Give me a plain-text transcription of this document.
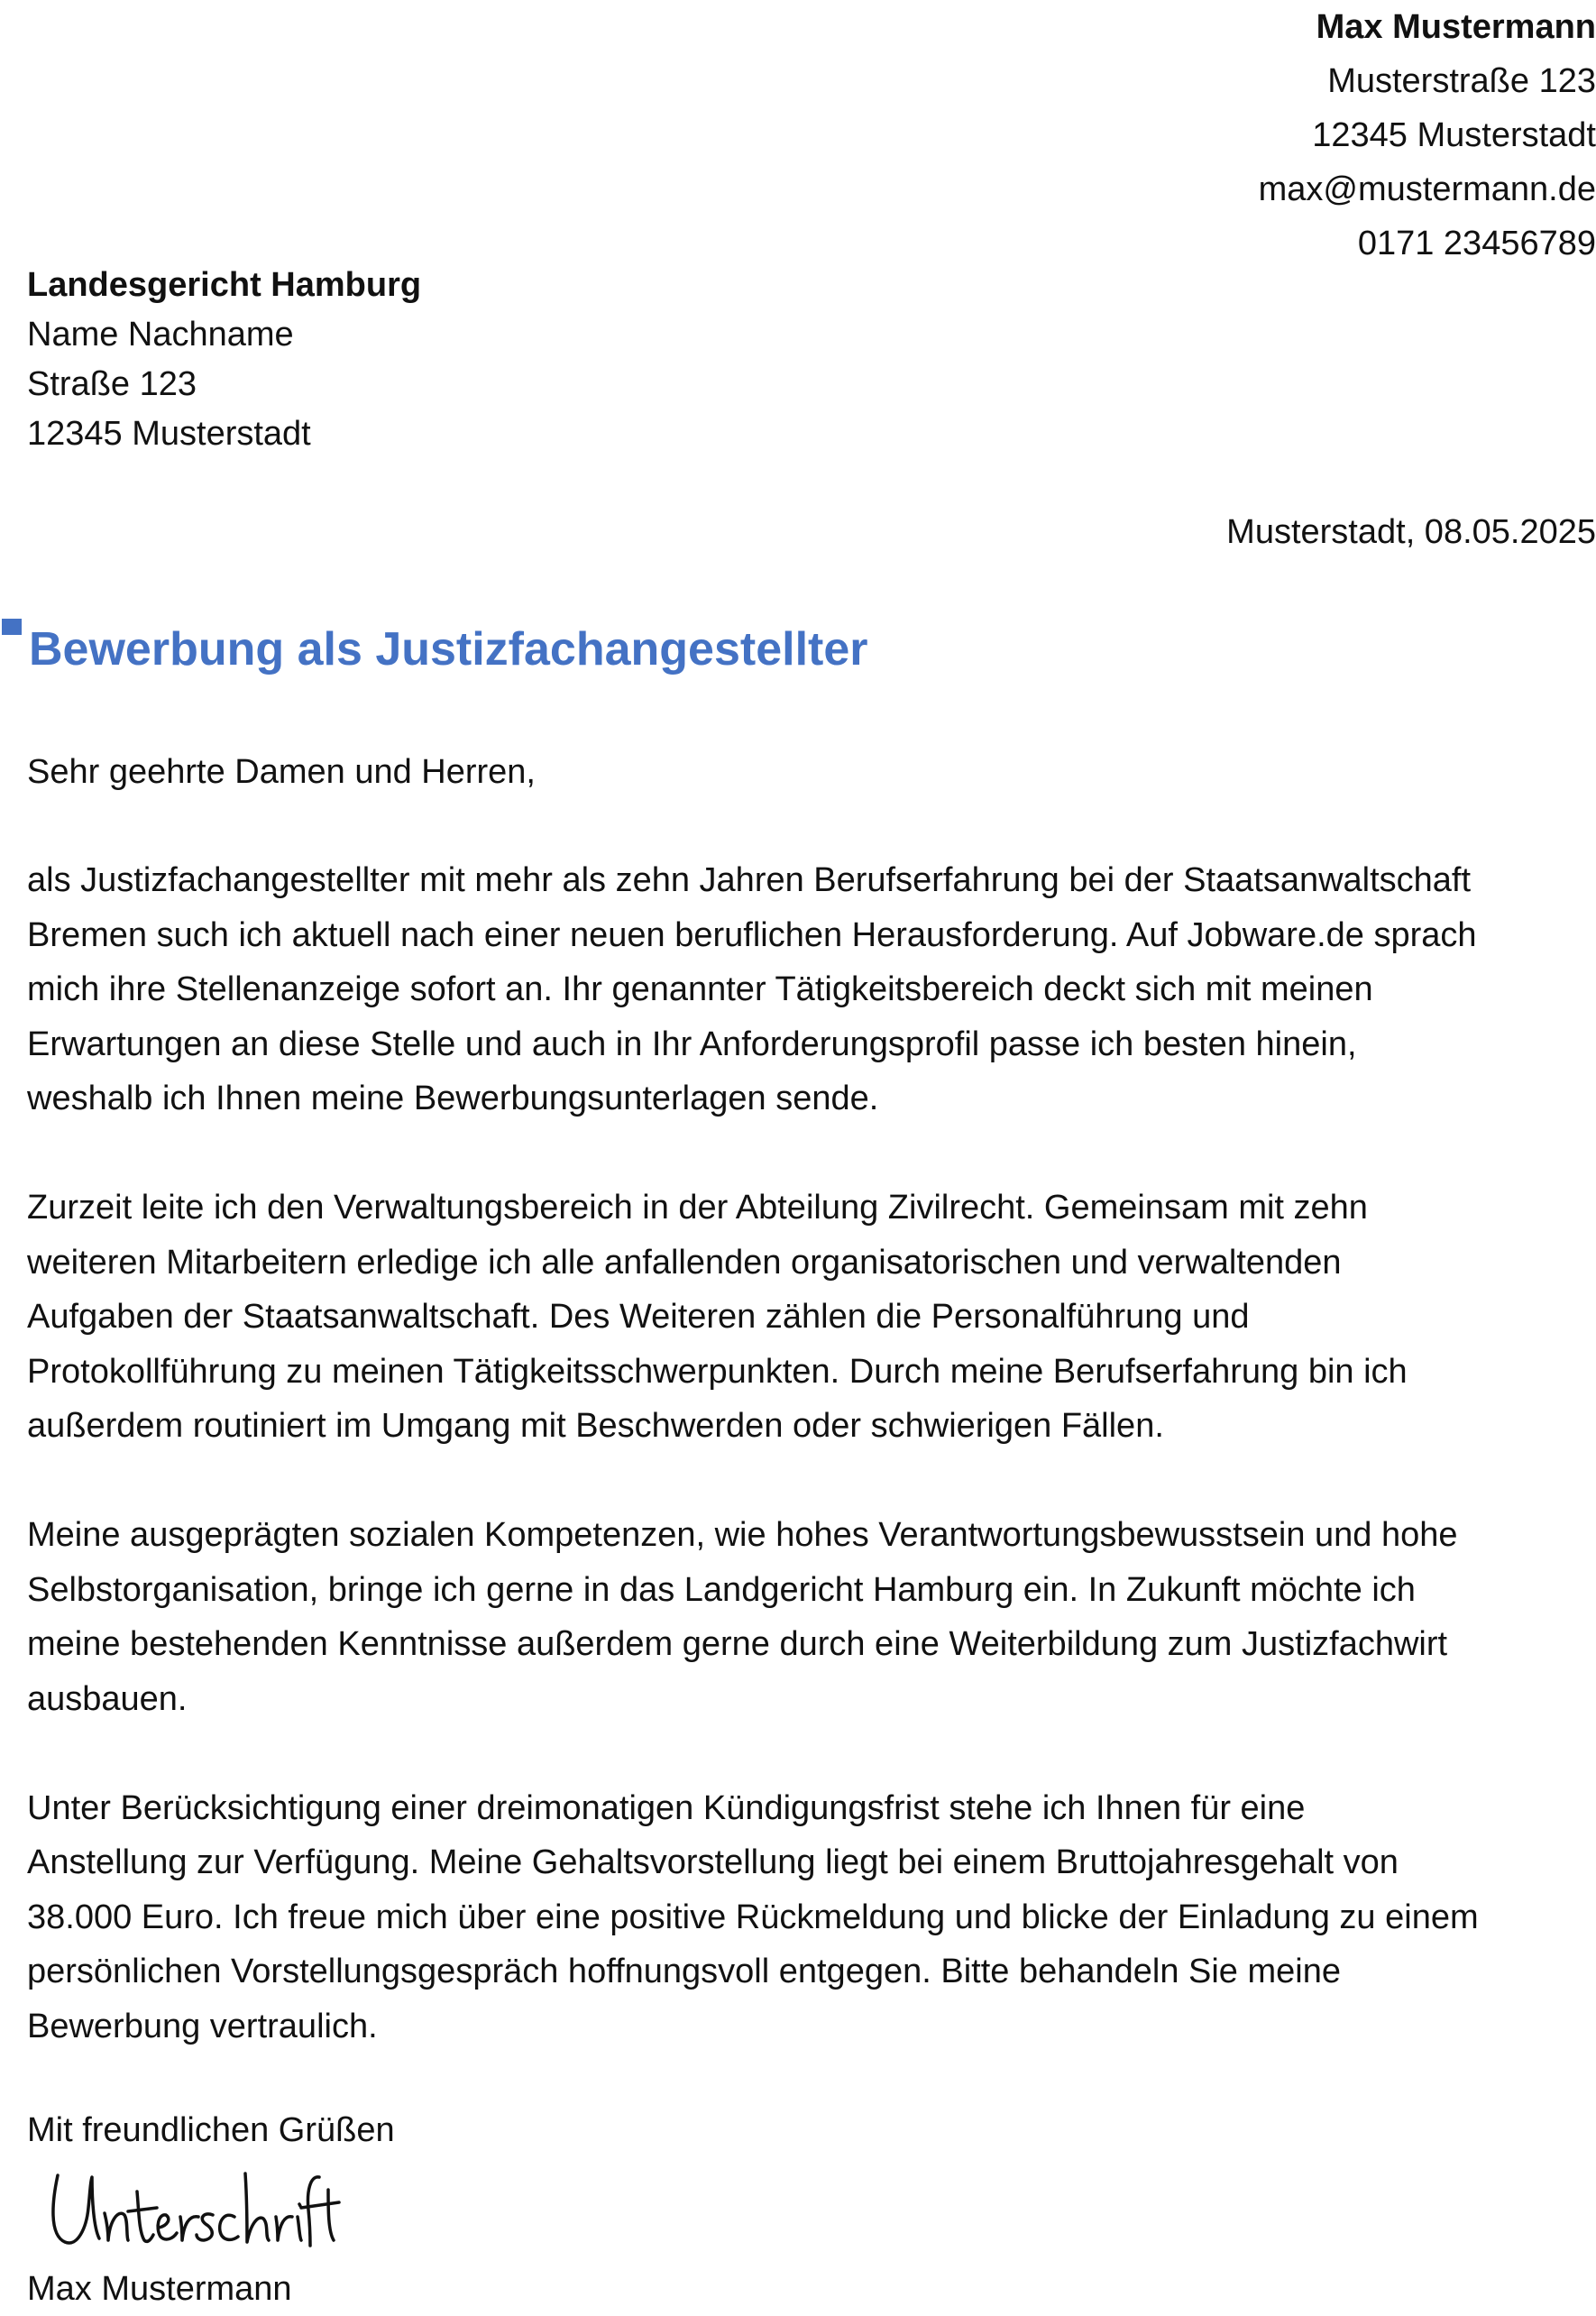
Max Mustermann
Musterstraße 123
12345 Musterstadt
max@mustermann.de
0171 23456789
Landesgericht Hamburg
Name Nachname
Straße 123
12345 Musterstadt
Musterstadt, 08.05.2025
Bewerbung als Justizfachangestellter
Sehr geehrte Damen und Herren,

als Justizfachangestellter mit mehr als zehn Jahren Berufserfahrung bei der Staatsanwaltschaft
Bremen such ich aktuell nach einer neuen beruflichen Herausforderung. Auf Jobware.de sprach
mich ihre Stellenanzeige sofort an. Ihr genannter Tätigkeitsbereich deckt sich mit meinen
Erwartungen an diese Stelle und auch in Ihr Anforderungsprofil passe ich besten hinein,
weshalb ich Ihnen meine Bewerbungsunterlagen sende.

Zurzeit leite ich den Verwaltungsbereich in der Abteilung Zivilrecht. Gemeinsam mit zehn
weiteren Mitarbeitern erledige ich alle anfallenden organisatorischen und verwaltenden
Aufgaben der Staatsanwaltschaft. Des Weiteren zählen die Personalführung und
Protokollführung zu meinen Tätigkeitsschwerpunkten. Durch meine Berufserfahrung bin ich
außerdem routiniert im Umgang mit Beschwerden oder schwierigen Fällen.

Meine ausgeprägten sozialen Kompetenzen, wie hohes Verantwortungsbewusstsein und hohe
Selbstorganisation, bringe ich gerne in das Landgericht Hamburg ein. In Zukunft möchte ich
meine bestehenden Kenntnisse außerdem gerne durch eine Weiterbildung zum Justizfachwirt
ausbauen.

Unter Berücksichtigung einer dreimonatigen Kündigungsfrist stehe ich Ihnen für eine
Anstellung zur Verfügung. Meine Gehaltsvorstellung liegt bei einem Bruttojahresgehalt von
38.000 Euro. Ich freue mich über eine positive Rückmeldung und blicke der Einladung zu einem
persönlichen Vorstellungsgespräch hoffnungsvoll entgegen. Bitte behandeln Sie meine
Bewerbung vertraulich.

Mit freundlichen Grüßen
Max Mustermann
